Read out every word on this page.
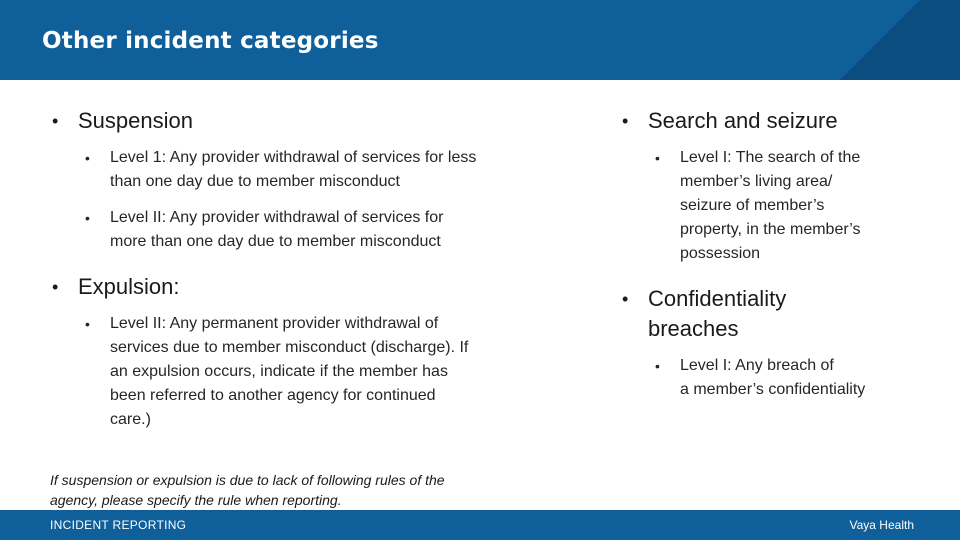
Other incident categories
• Suspension
• Level 1: Any provider withdrawal of services for less
than one day due to member misconduct
• Level II: Any provider withdrawal of services for
more than one day due to member misconduct
• Expulsion:
• Level II: Any permanent provider withdrawal of
services due to member misconduct (discharge). If
an expulsion occurs, indicate if the member has
been referred to another agency for continued
care.)
• Search and seizure
• Level I: The search of the
member’s living area/
seizure of member’s
property, in the member’s
possession
• Confidentiality
breaches
• Level I: Any breach of
a member’s confidentiality
If suspension or expulsion is due to lack of following rules of the
agency, please specify the rule when reporting.
INCIDENT REPORTING	Vaya Health
